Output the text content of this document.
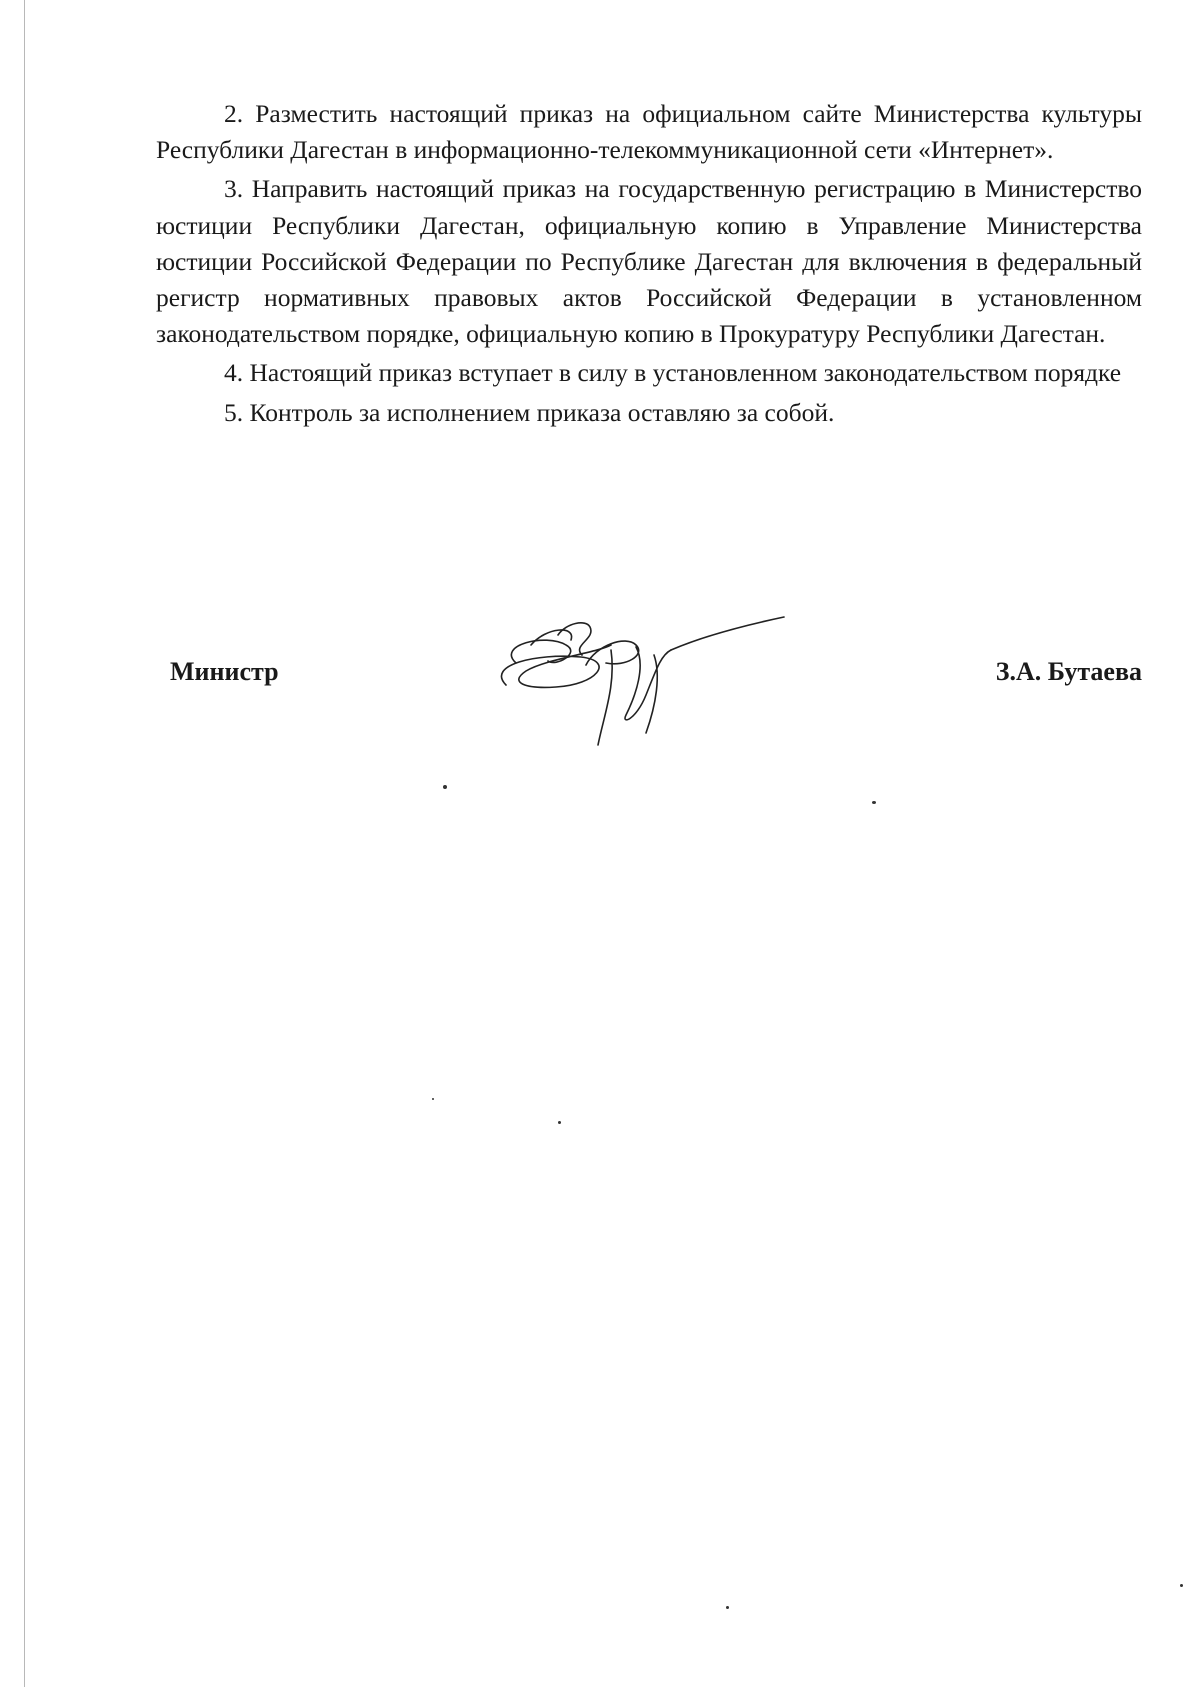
2. Разместить настоящий приказ на официальном сайте Министерства культуры Республики Дагестан в информационно-телекоммуникационной сети «Интернет».

3. Направить настоящий приказ на государственную регистрацию в Министерство юстиции Республики Дагестан, официальную копию в Управление Министерства юстиции Российской Федерации по Республике Дагестан для включения в федеральный регистр нормативных правовых актов Российской Федерации в установленном законодательством порядке, официальную копию в Прокуратуру Республики Дагестан.

4. Настоящий приказ вступает в силу в установленном законодательством порядке

5. Контроль за исполнением приказа оставляю за собой.

Министр	З.А. Бутаева
